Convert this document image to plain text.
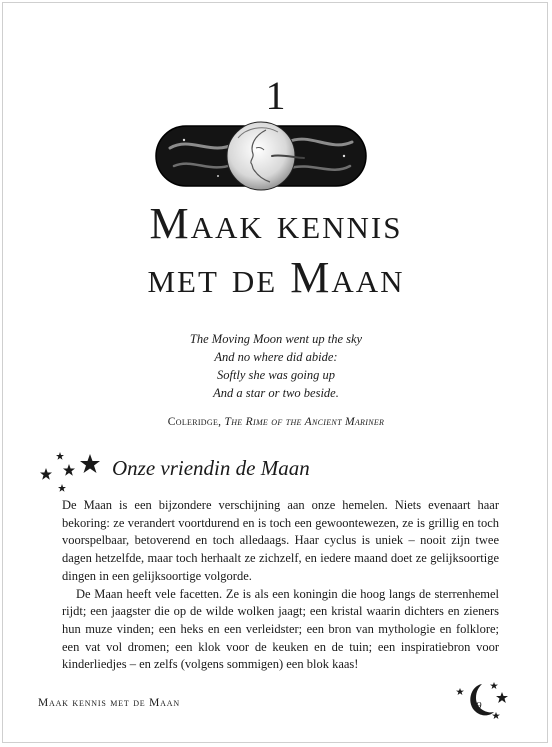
1
Maak kennis
met de Maan
The Moving Moon went up the sky
And no where did abide:
Softly she was going up
And a star or two beside.
Coleridge, The Rime of the Ancient Mariner
Onze vriendin de Maan

De Maan is een bijzondere verschijning aan onze hemelen. Niets evenaart haar bekoring: ze verandert voortdurend en is toch een gewoontewezen, ze is grillig en toch voorspelbaar, betoverend en toch alledaags. Haar cyclus is uniek – nooit zijn twee dagen hetzelfde, maar toch herhaalt ze zichzelf, en iedere maand doet ze gelijksoortige dingen in een gelijksoortige volgorde.

De Maan heeft vele facetten. Ze is als een koningin die hoog langs de sterrenhemel rijdt; een jaagster die op de wilde wolken jaagt; een kristal waarin dichters en zieners hun muze vinden; een heks en een verleidster; een bron van mythologie en folklore; een vat vol dromen; een klok voor de keuken en de tuin; een inspiratiebron voor kinderliedjes – en zelfs (volgens sommigen) een blok kaas!

Maak kennis met de Maan	9
